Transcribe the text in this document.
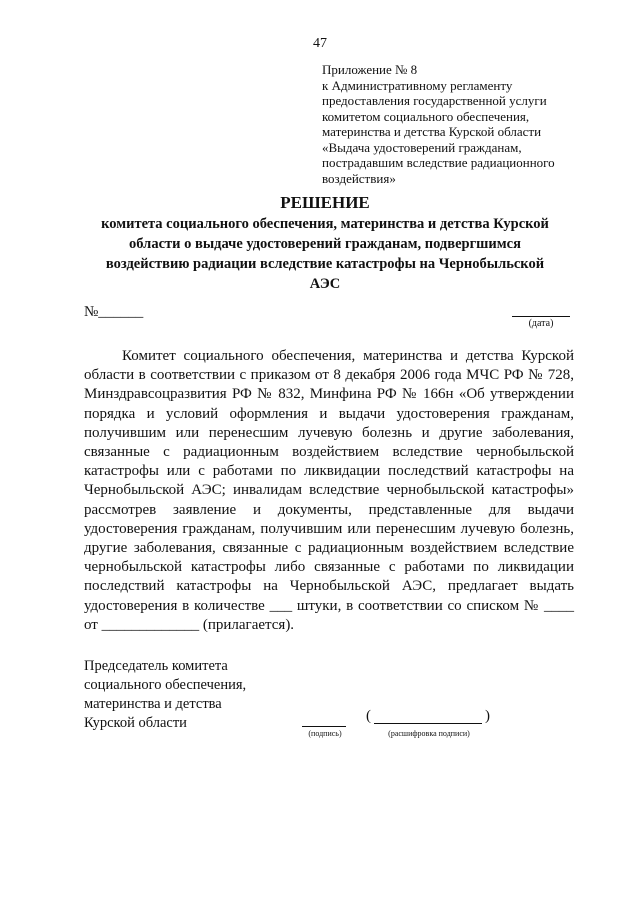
47
Приложение № 8
к Административному регламенту
предоставления государственной услуги
комитетом социального обеспечения,
материнства и детства Курской области
«Выдача удостоверений гражданам,
пострадавшим вследствие радиационного
воздействия»
РЕШЕНИЕ
комитета социального обеспечения, материнства и детства Курской
области о выдаче удостоверений гражданам, подвергшимся
воздействию радиации вследствие катастрофы на Чернобыльской
АЭС
№______
(дата)
Комитет социального обеспечения, материнства и детства Курской
области в соответствии с приказом от 8 декабря 2006 года МЧС РФ № 728,
Минздравсоцразвития РФ № 832, Минфина РФ № 166н «Об утверждении
порядка и условий оформления и выдачи удостоверения гражданам,
получившим или перенесшим лучевую болезнь и другие заболевания,
связанные с радиационным воздействием вследствие чернобыльской
катастрофы или с работами по ликвидации последствий катастрофы на
Чернобыльской АЭС; инвалидам вследствие чернобыльской катастрофы»
рассмотрев заявление и документы, представленные для выдачи
удостоверения гражданам, получившим или перенесшим лучевую болезнь,
другие заболевания, связанные с радиационным воздействием вследствие
чернобыльской катастрофы либо связанные с работами по ликвидации
последствий катастрофы на Чернобыльской АЭС, предлагает выдать
удостоверения в количестве ___ штуки, в соответствии со списком № ____
от _____________ (прилагается).
Председатель комитета
социального обеспечения,
материнства и детства
Курской области	(	)
(подпись)	(расшифровка подписи)
